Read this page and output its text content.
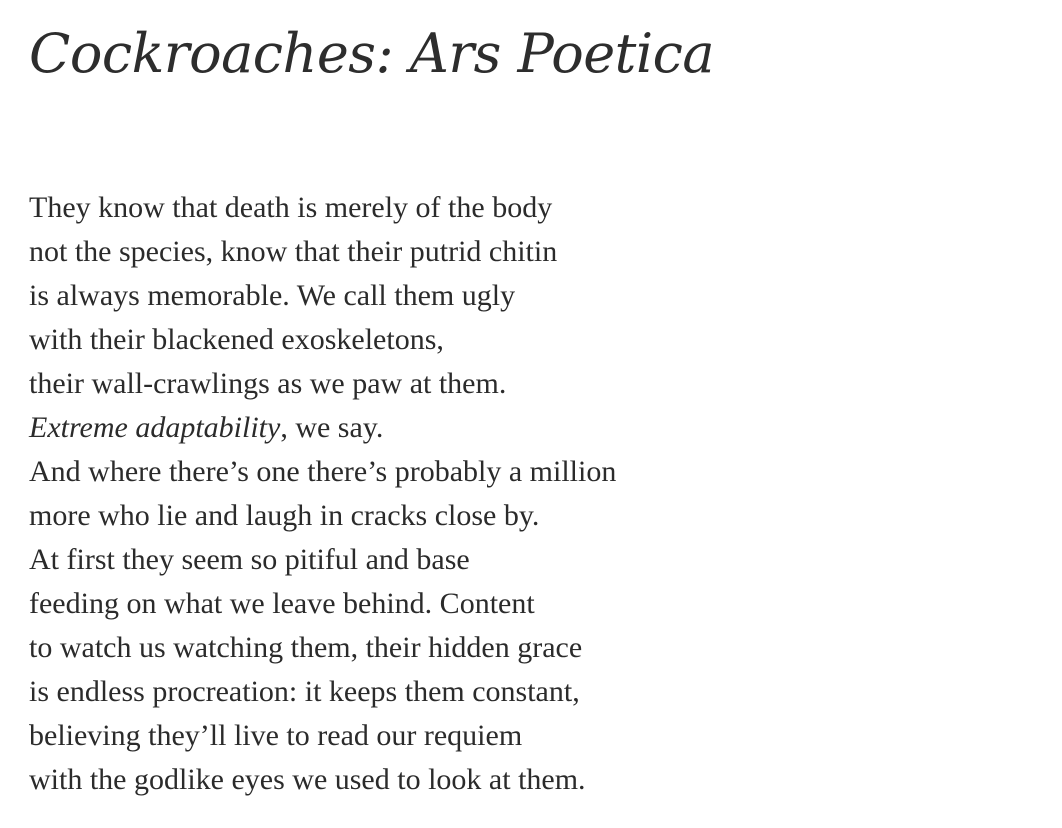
Cockroaches: Ars Poetica
They know that death is merely of the body
not the species, know that their putrid chitin
is always memorable. We call them ugly
with their blackened exoskeletons,
their wall-crawlings as we paw at them.
Extreme adaptability, we say.
And where there’s one there’s probably a million
more who lie and laugh in cracks close by.
At first they seem so pitiful and base
feeding on what we leave behind. Content
to watch us watching them, their hidden grace
is endless procreation: it keeps them constant,
believing they’ll live to read our requiem
with the godlike eyes we used to look at them.
